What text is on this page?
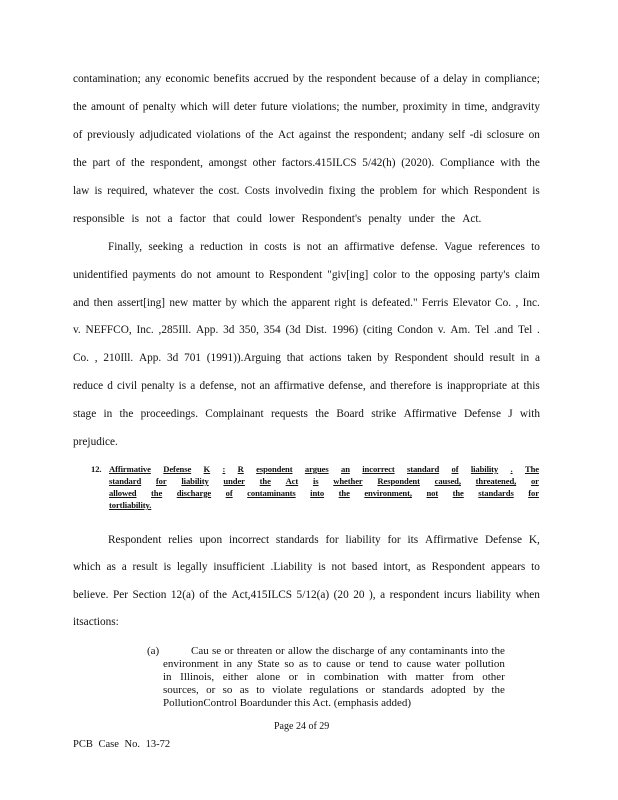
contamination; any economic benefits accrued by the respondent because of a delay in compliance;
the amount of penalty which will deter future violations; the number, proximity in time, andgravity
of previously adjudicated violations of the Act against the respondent; andany self -di sclosure on
the part of the respondent, amongst other factors.415ILCS 5/42(h) (2020). Compliance with the
law is required, whatever the cost. Costs involvedin fixing the problem for which Respondent is
responsible is not a factor that could lower Respondent's penalty under the Act.
Finally, seeking a reduction in costs is not an affirmative defense. Vague references to
unidentified payments do not amount to Respondent "giv[ing] color to the opposing party's claim
and then assert[ing] new matter by which the apparent right is defeated." Ferris Elevator Co. , Inc.
v. NEFFCO, Inc. ,285Ill. App. 3d 350, 354 (3d Dist. 1996) (citing Condon v. Am. Tel .and Tel .
Co. , 210Ill. App. 3d 701 (1991)).Arguing that actions taken by Respondent should result in a
reduce d civil penalty is a defense, not an affirmative defense, and therefore is inappropriate at this
stage in the proceedings. Complainant requests the Board strike Affirmative Defense J with
prejudice.
12. Affirmative Defense K : R espondent argues an incorrect standard of liability . The
standard for liability under the Act is whether Respondent caused, threatened, or
allowed the discharge of contaminants into the environment, not the standards for
tort liability.
Respondent relies upon incorrect standards for liability for its Affirmative Defense K,
which as a result is legally insufficient .Liability is not based intort, as Respondent appears to
believe. Per Section 12(a) of the Act,415ILCS 5/12(a) (20 20 ), a respondent incurs liability when
itsactions:
(a)	Cau se or threaten or allow the discharge of any contaminants into the
environment in any State so as to cause or tend to cause water pollution
in Illinois, either alone or in combination with matter from other
sources, or so as to violate regulations or standards adopted by the
PollutionControl Boardunder this Act. (emphasis added)
Page 24 of 29
PCB Case No. 13-72
